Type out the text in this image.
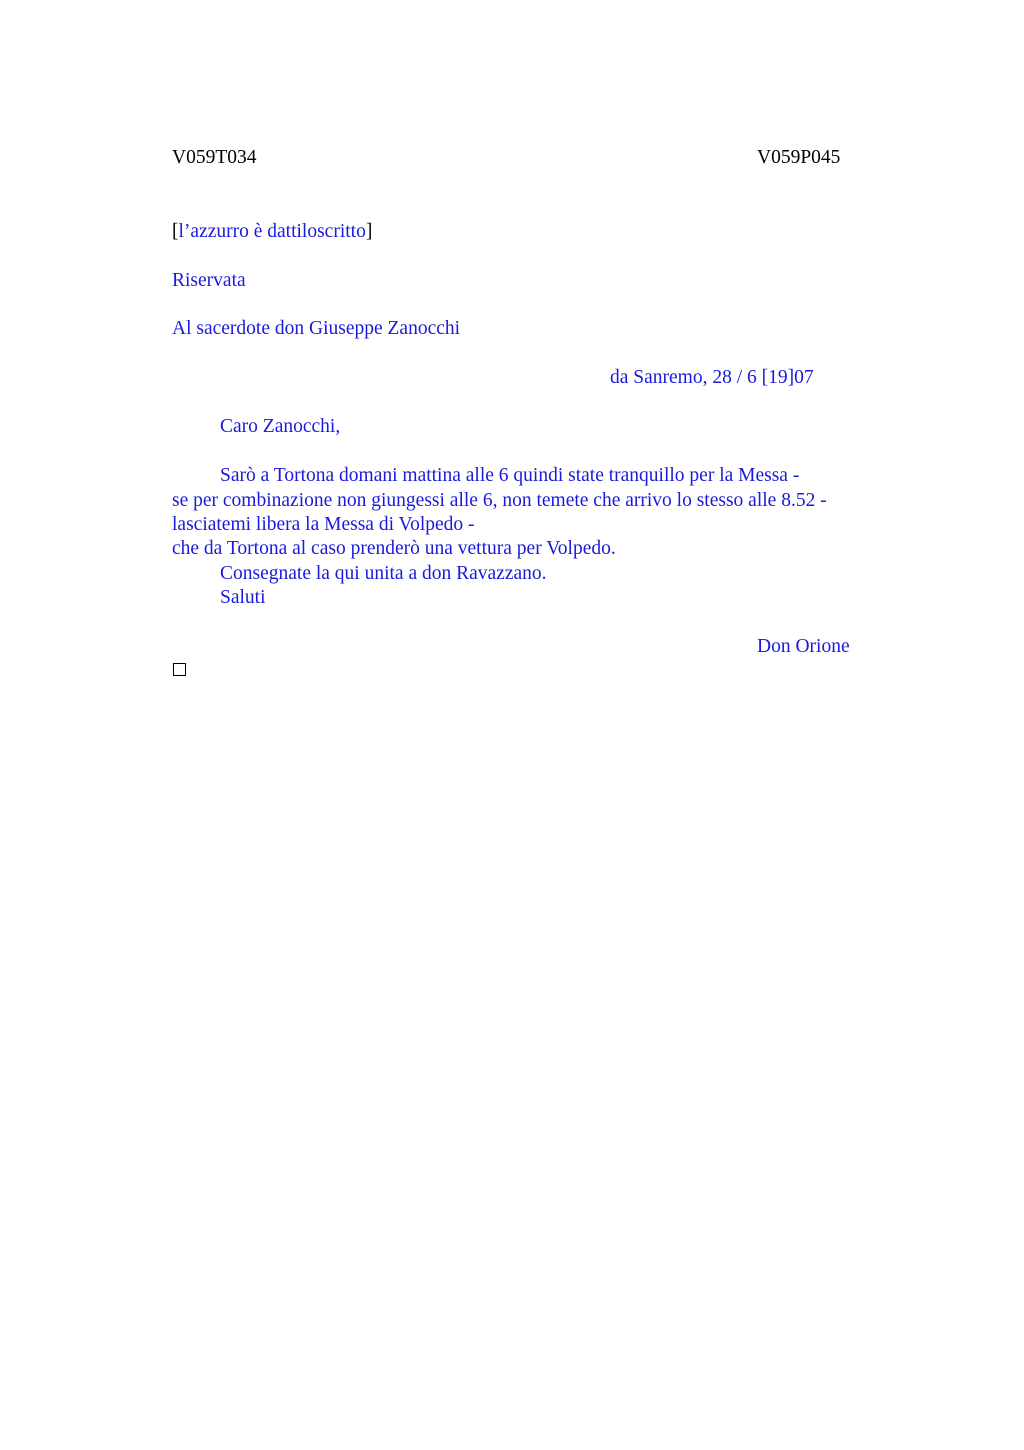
V059T034	V059P045
[l’azzurro è dattiloscritto]
Riservata
Al sacerdote don Giuseppe Zanocchi
da Sanremo, 28 / 6 [19]07
Caro Zanocchi,
Sarò a Tortona domani mattina alle 6 quindi state tranquillo per la Messa -
se per combinazione non giungessi alle 6, non temete che arrivo lo stesso alle 8.52 -
lasciatemi libera la Messa di Volpedo -
che da Tortona al caso prenderò una vettura per Volpedo.
Consegnate la qui unita a don Ravazzano.
Saluti
Don Orione
